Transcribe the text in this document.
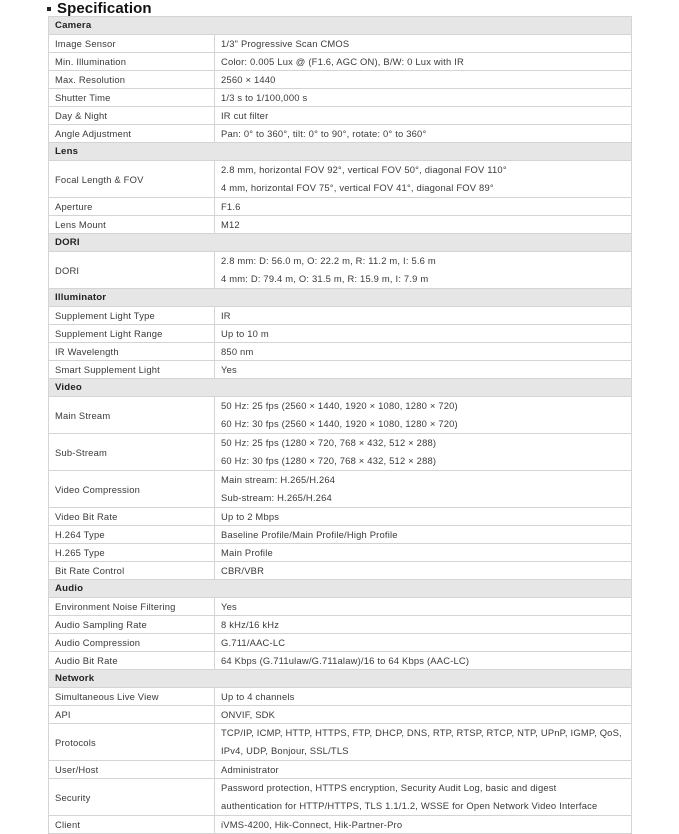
Specification
Camera	
Image Sensor	1/3" Progressive Scan CMOS
Min. Illumination	Color: 0.005 Lux @ (F1.6, AGC ON), B/W: 0 Lux with IR
Max. Resolution	2560 × 1440
Shutter Time	1/3 s to 1/100,000 s
Day & Night	IR cut filter
Angle Adjustment	Pan: 0° to 360°, tilt: 0° to 90°, rotate: 0° to 360°
Lens	
Focal Length & FOV	2.8 mm, horizontal FOV 92°, vertical FOV 50°, diagonal FOV 110°
4 mm, horizontal FOV 75°, vertical FOV 41°, diagonal FOV 89°

Aperture	F1.6
Lens Mount	M12
DORI	
DORI	2.8 mm: D: 56.0 m, O: 22.2 m, R: 11.2 m, I: 5.6 m
4 mm: D: 79.4 m, O: 31.5 m, R: 15.9 m, I: 7.9 m

Illuminator	
Supplement Light Type	IR
Supplement Light Range	Up to 10 m
IR Wavelength	850 nm
Smart Supplement Light	Yes
Video	
Main Stream	50 Hz: 25 fps (2560 × 1440, 1920 × 1080, 1280 × 720)
60 Hz: 30 fps (2560 × 1440, 1920 × 1080, 1280 × 720)

Sub-Stream	50 Hz: 25 fps (1280 × 720, 768 × 432, 512 × 288)
60 Hz: 30 fps (1280 × 720, 768 × 432, 512 × 288)

Video Compression	Main stream: H.265/H.264
Sub-stream: H.265/H.264

Video Bit Rate	Up to 2 Mbps
H.264 Type	Baseline Profile/Main Profile/High Profile
H.265 Type	Main Profile
Bit Rate Control	CBR/VBR
Audio	
Environment Noise Filtering	Yes
Audio Sampling Rate	8 kHz/16 kHz
Audio Compression	G.711/AAC-LC
Audio Bit Rate	64 Kbps (G.711ulaw/G.711alaw)/16 to 64 Kbps (AAC-LC)
Network	
Simultaneous Live View	Up to 4 channels
API	ONVIF, SDK
Protocols	TCP/IP, ICMP, HTTP, HTTPS, FTP, DHCP, DNS, RTP, RTSP, RTCP, NTP, UPnP, IGMP, QoS,
IPv4, UDP, Bonjour, SSL/TLS

User/Host	Administrator
Security	Password protection, HTTPS encryption, Security Audit Log, basic and digest
authentication for HTTP/HTTPS, TLS 1.1/1.2, WSSE for Open Network Video Interface

Client	iVMS-4200, Hik-Connect, Hik-Partner-Pro
